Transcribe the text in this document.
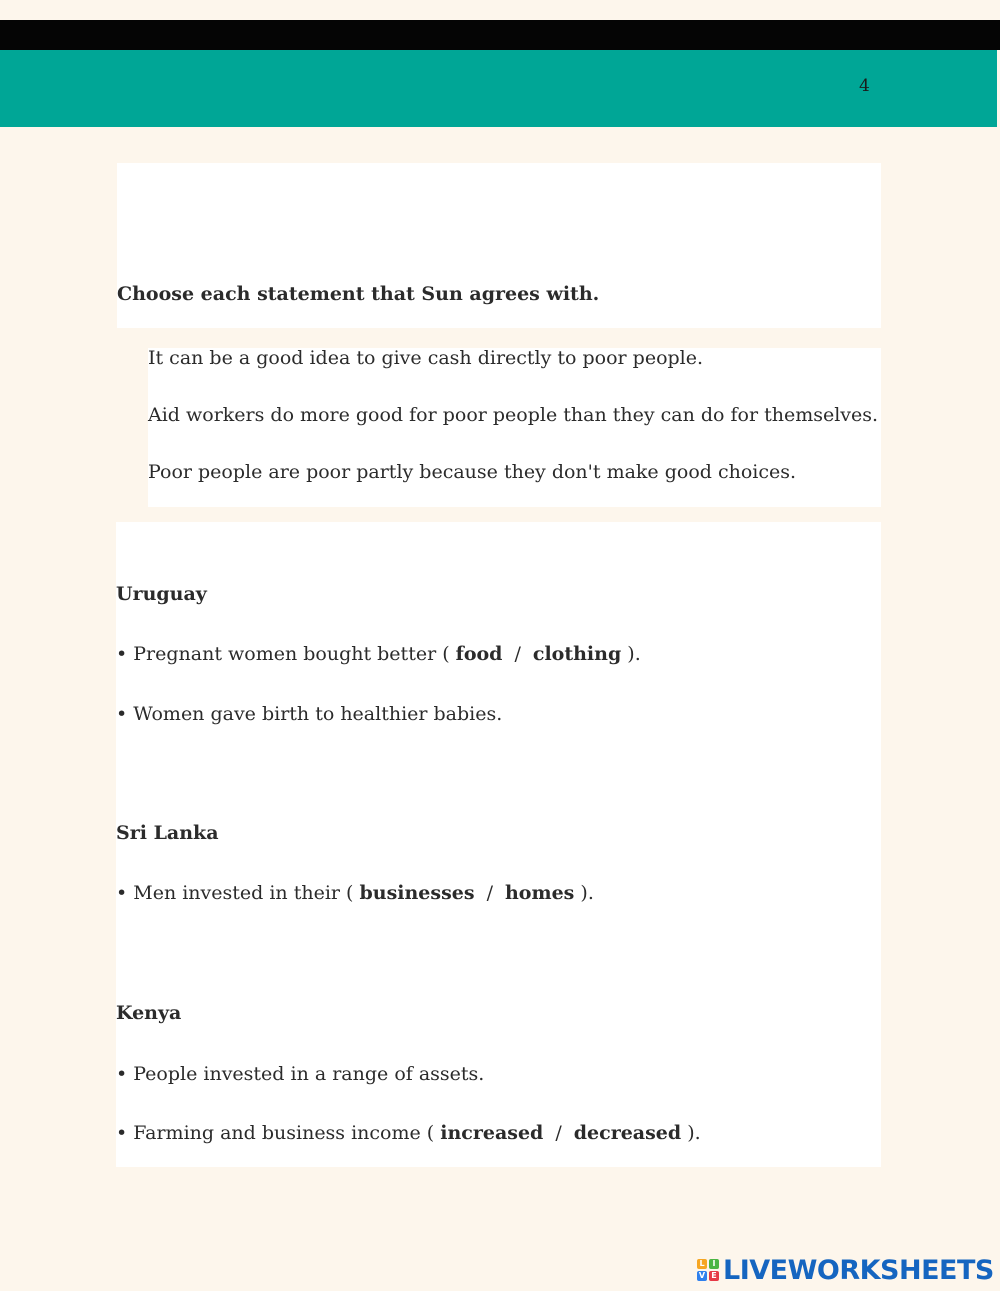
4
Choose each statement that Sun agrees with.
It can be a good idea to give cash directly to poor people.
Aid workers do more good for poor people than they can do for themselves.
Poor people are poor partly because they don't make good choices.
Uruguay
• Pregnant women bought better ( food / clothing ).
• Women gave birth to healthier babies.
Sri Lanka
• Men invested in their ( businesses / homes ).
Kenya
• People invested in a range of assets.
• Farming and business income ( increased / decreased ).
L I
V E LIVEWORKSHEETS
